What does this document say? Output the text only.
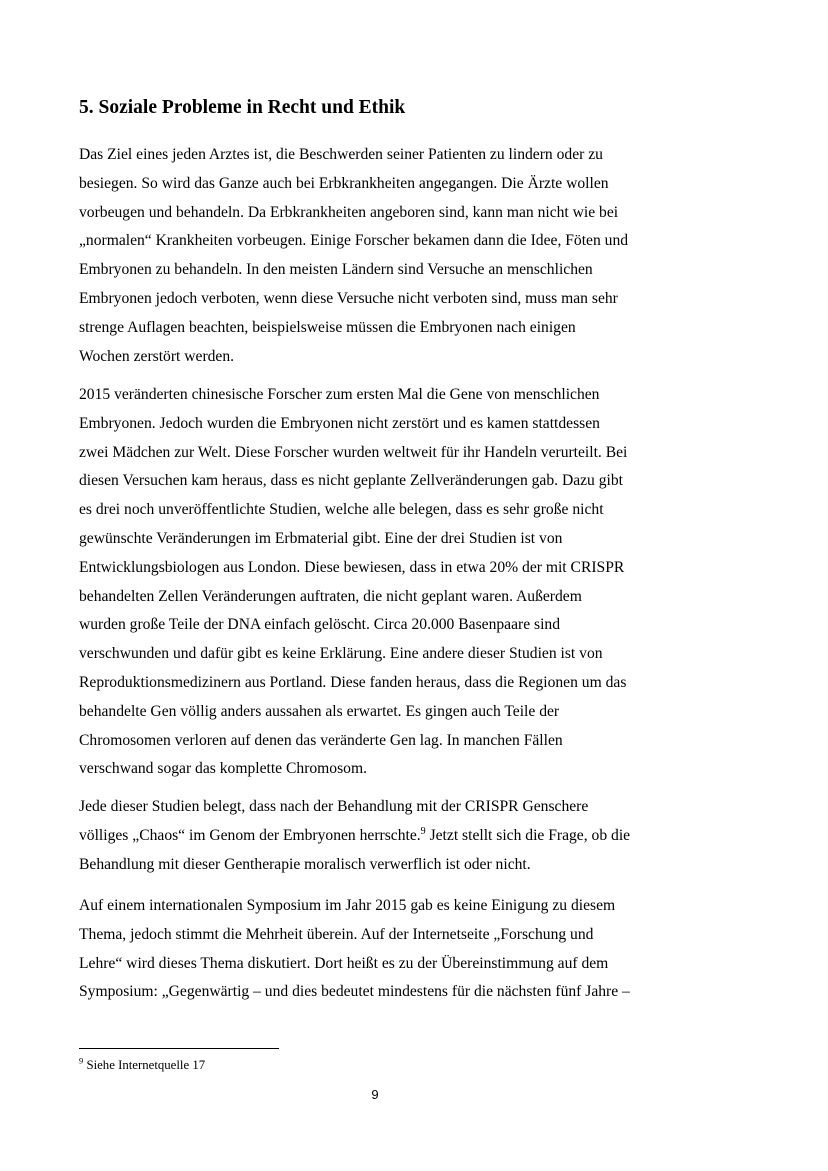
5. Soziale Probleme in Recht und Ethik

Das Ziel eines jeden Arztes ist, die Beschwerden seiner Patienten zu lindern oder zu
besiegen. So wird das Ganze auch bei Erbkrankheiten angegangen. Die Ärzte wollen
vorbeugen und behandeln. Da Erbkrankheiten angeboren sind, kann man nicht wie bei
„normalen“ Krankheiten vorbeugen. Einige Forscher bekamen dann die Idee, Föten und
Embryonen zu behandeln. In den meisten Ländern sind Versuche an menschlichen
Embryonen jedoch verboten, wenn diese Versuche nicht verboten sind, muss man sehr
strenge Auflagen beachten, beispielsweise müssen die Embryonen nach einigen
Wochen zerstört werden.

2015 veränderten chinesische Forscher zum ersten Mal die Gene von menschlichen
Embryonen. Jedoch wurden die Embryonen nicht zerstört und es kamen stattdessen
zwei Mädchen zur Welt. Diese Forscher wurden weltweit für ihr Handeln verurteilt. Bei
diesen Versuchen kam heraus, dass es nicht geplante Zellveränderungen gab. Dazu gibt
es drei noch unveröffentlichte Studien, welche alle belegen, dass es sehr große nicht
gewünschte Veränderungen im Erbmaterial gibt. Eine der drei Studien ist von
Entwicklungsbiologen aus London. Diese bewiesen, dass in etwa 20% der mit CRISPR
behandelten Zellen Veränderungen auftraten, die nicht geplant waren. Außerdem
wurden große Teile der DNA einfach gelöscht. Circa 20.000 Basenpaare sind
verschwunden und dafür gibt es keine Erklärung. Eine andere dieser Studien ist von
Reproduktionsmedizinern aus Portland. Diese fanden heraus, dass die Regionen um das
behandelte Gen völlig anders aussahen als erwartet. Es gingen auch Teile der
Chromosomen verloren auf denen das veränderte Gen lag. In manchen Fällen
verschwand sogar das komplette Chromosom.

Jede dieser Studien belegt, dass nach der Behandlung mit der CRISPR Genschere
völliges „Chaos“ im Genom der Embryonen herrschte.$^9$ Jetzt stellt sich die Frage, ob die
Behandlung mit dieser Gentherapie moralisch verwerflich ist oder nicht.

Auf einem internationalen Symposium im Jahr 2015 gab es keine Einigung zu diesem
Thema, jedoch stimmt die Mehrheit überein. Auf der Internetseite „Forschung und
Lehre“ wird dieses Thema diskutiert. Dort heißt es zu der Übereinstimmung auf dem
Symposium: „Gegenwärtig – und dies bedeutet mindestens für die nächsten fünf Jahre –

$^9$ Siehe Internetquelle 17
9
